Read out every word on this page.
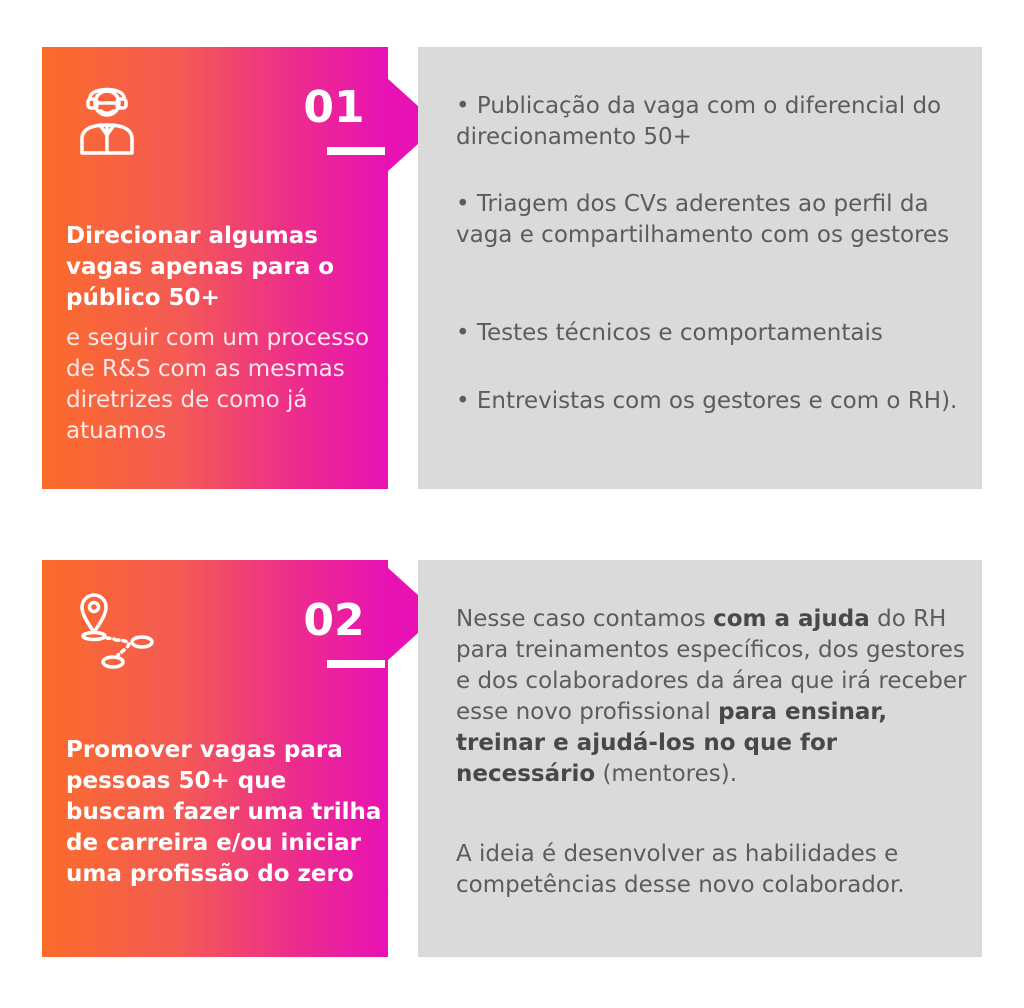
01
Direcionar algumas vagas apenas para o público 50+
e seguir com um processo de R&S com as mesmas diretrizes de como já atuamos
• Publicação da vaga com o diferencial do direcionamento 50+
• Triagem dos CVs aderentes ao perfil da vaga e compartilhamento com os gestores
• Testes técnicos e comportamentais
• Entrevistas com os gestores e com o RH).
02
Promover vagas para pessoas 50+ que buscam fazer uma trilha de carreira e/ou iniciar uma profissão do zero
Nesse caso contamos com a ajuda do RH para treinamentos específicos, dos gestores e dos colaboradores da área que irá receber esse novo profissional para ensinar, treinar e ajudá-los no que for necessário (mentores).
A ideia é desenvolver as habilidades e competências desse novo colaborador.
